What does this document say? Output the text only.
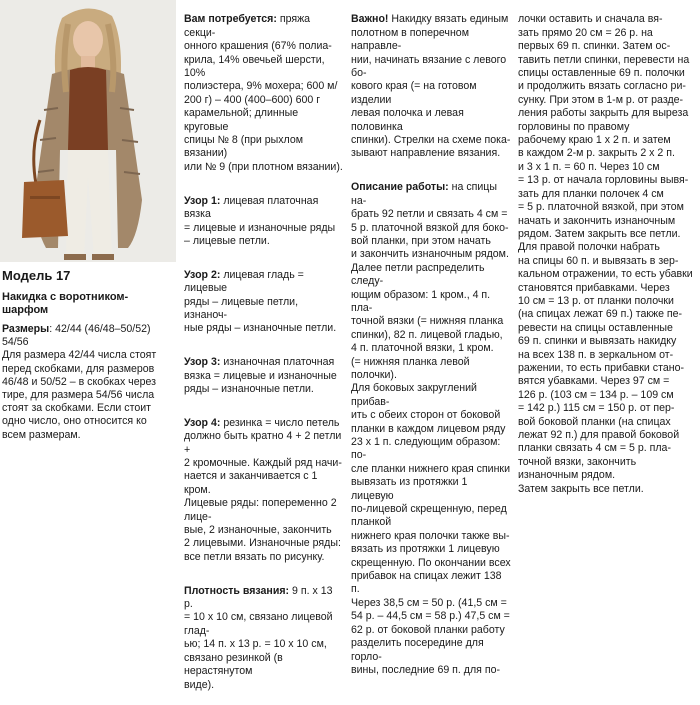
Модель 17
Накидка с воротником-
шарфом
Размеры: 42/44 (46/48–50/52)
54/56
Для размера 42/44 числа стоят
перед скобками, для размеров
46/48 и 50/52 – в скобках через
тире, для размера 54/56 числа
стоят за скобками. Если стоит
одно число, оно относится ко
всем размерам.

Вам потребуется: пряжа секци-
онного крашения (67% полиа-
крила, 14% овечьей шерсти, 10%
полиэстера, 9% мохера; 600 м/
200 г) – 400 (400–600) 600 г
карамельной; длинные круговые
спицы № 8 (при рыхлом вязании)
или № 9 (при плотном вязании).

Узор 1: лицевая платочная вязка
= лицевые и изнаночные ряды
– лицевые петли.

Узор 2: лицевая гладь = лицевые
ряды – лицевые петли, изнаноч-
ные ряды – изнаночные петли.

Узор 3: изнаночная платочная
вязка = лицевые и изнаночные
ряды – изнаночные петли.

Узор 4: резинка = число петель
должно быть кратно 4 + 2 петли +
2 кромочные. Каждый ряд начи-
нается и заканчивается с 1 кром.
Лицевые ряды: попеременно 2 лице-
вые, 2 изнаночные, закончить
2 лицевыми. Изнаночные ряды:
все петли вязать по рисунку.

Плотность вязания: 9 п. x 13 р.
= 10 x 10 см, связано лицевой глад-
ью; 14 п. x 13 р. = 10 x 10 см,
связано резинкой (в нерастянутом
виде).

Важно! Накидку вязать единым
полотном в поперечном направле-
нии, начинать вязание с левого бо-
кового края (= на готовом изделии
левая полочка и левая половинка
спинки). Стрелки на схеме пока-
зывают направление вязания.

Описание работы: на спицы на-
брать 92 петли и связать 4 см =
5 р. платочной вязкой для боко-
вой планки, при этом начать
и закончить изнаночным рядом.
Далее петли распределить следу-
ющим образом: 1 кром., 4 п. пла-
точной вязки (= нижняя планка
спинки), 82 п. лицевой гладью,
4 п. платочной вязки, 1 кром.
(= нижняя планка левой полочки).
Для боковых закруглений прибав-
ить с обеих сторон от боковой
планки в каждом лицевом ряду
23 x 1 п. следующим образом: по-
сле планки нижнего края спинки
вывязать из протяжки 1 лицевую
по-лицевой скрещенную, перед планкой
нижнего края полочки также вы-
вязать из протяжки 1 лицевую
скрещенную. По окончании всех
прибавок на спицах лежит 138 п.
Через 38,5 см = 50 р. (41,5 см =
54 р. – 44,5 см = 58 р.) 47,5 см =
62 р. от боковой планки работу
разделить посередине для горло-
вины, последние 69 п. для по-

лочки оставить и сначала вя-
зать прямо 20 см = 26 р. на
первых 69 п. спинки. Затем ос-
тавить петли спинки, перевести на
спицы оставленные 69 п. полочки
и продолжить вязать согласно ри-
сунку. При этом в 1-м р. от разде-
ления работы закрыть для выреза
горловины по правому
рабочему краю 1 x 2 п. и затем
в каждом 2-м р. закрыть 2 x 2 п.
и 3 x 1 п. = 60 п. Через 10 см
= 13 р. от начала горловины вывя-
зать для планки полочек 4 см
= 5 р. платочной вязкой, при этом
начать и закончить изнаночным
рядом. Затем закрыть все петли.
Для правой полочки набрать
на спицы 60 п. и вывязать в зер-
кальном отражении, то есть убавки
становятся прибавками. Через
10 см = 13 р. от планки полочки
(на спицах лежат 69 п.) также пе-
ревести на спицы оставленные
69 п. спинки и вывязать накидку
на всех 138 п. в зеркальном от-
ражении, то есть прибавки стано-
вятся убавками. Через 97 см =
126 р. (103 см = 134 р. – 109 см
= 142 р.) 115 см = 150 р. от пер-
вой боковой планки (на спицах
лежат 92 п.) для правой боковой
планки связать 4 см = 5 р. пла-
точной вязки, закончить изнаночным рядом.
Затем закрыть все петли.
